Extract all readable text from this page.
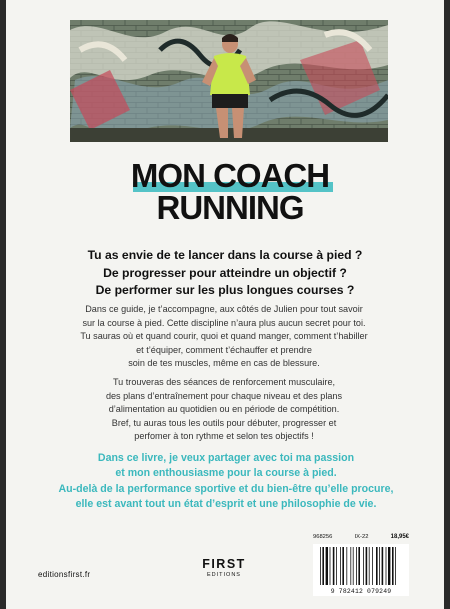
MON COACH
RUNNING
Tu as envie de te lancer dans la course à pied ?
De progresser pour atteindre un objectif ?
De performer sur les plus longues courses ?
Dans ce guide, je t’accompagne, aux côtés de Julien pour tout savoir
sur la course à pied. Cette discipline n’aura plus aucun secret pour toi.
Tu sauras où et quand courir, quoi et quand manger, comment t’habiller
et t’équiper, comment t’échauffer et prendre
soin de tes muscles, même en cas de blessure.
Tu trouveras des séances de renforcement musculaire,
des plans d’entraînement pour chaque niveau et des plans
d’alimentation au quotidien ou en période de compétition.
Bref, tu auras tous les outils pour débuter, progresser et
perfomer à ton rythme et selon tes objectifs !
Dans ce livre, je veux partager avec toi ma passion
et mon enthousiasme pour la course à pied.
Au-delà de la performance sportive et du bien-être qu’elle procure,
elle est avant tout un état d’esprit et une philosophie de vie.
editionsfirst.fr
FIRST
EDITIONS
968256	IX-22	18,95€
9 782412 079249
